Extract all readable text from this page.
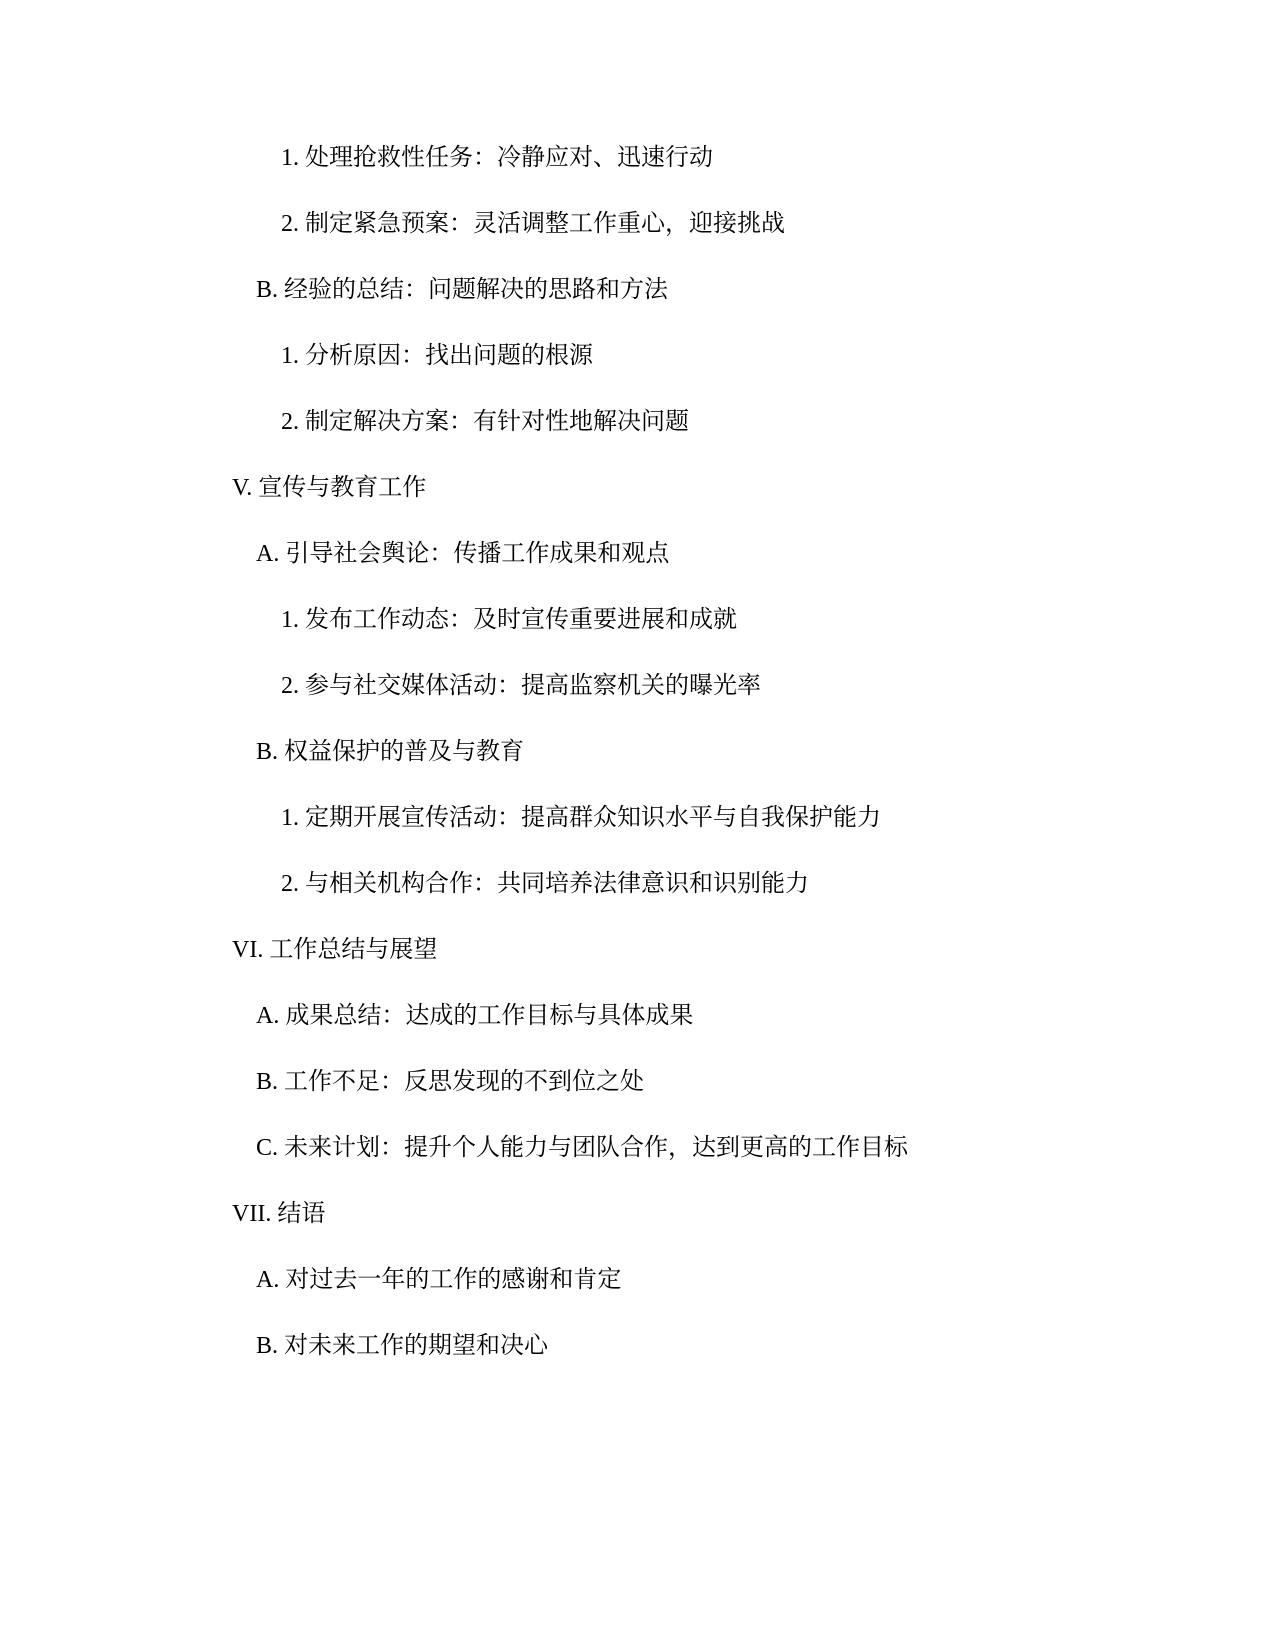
1. 处理抢救性任务：冷静应对、迅速行动
2. 制定紧急预案：灵活调整工作重心，迎接挑战
B. 经验的总结：问题解决的思路和方法
1. 分析原因：找出问题的根源
2. 制定解决方案：有针对性地解决问题
V. 宣传与教育工作
A. 引导社会舆论：传播工作成果和观点
1. 发布工作动态：及时宣传重要进展和成就
2. 参与社交媒体活动：提高监察机关的曝光率
B. 权益保护的普及与教育
1. 定期开展宣传活动：提高群众知识水平与自我保护能力
2. 与相关机构合作：共同培养法律意识和识别能力
VI. 工作总结与展望
A. 成果总结：达成的工作目标与具体成果
B. 工作不足：反思发现的不到位之处
C. 未来计划：提升个人能力与团队合作，达到更高的工作目标
VII. 结语
A. 对过去一年的工作的感谢和肯定
B. 对未来工作的期望和决心
